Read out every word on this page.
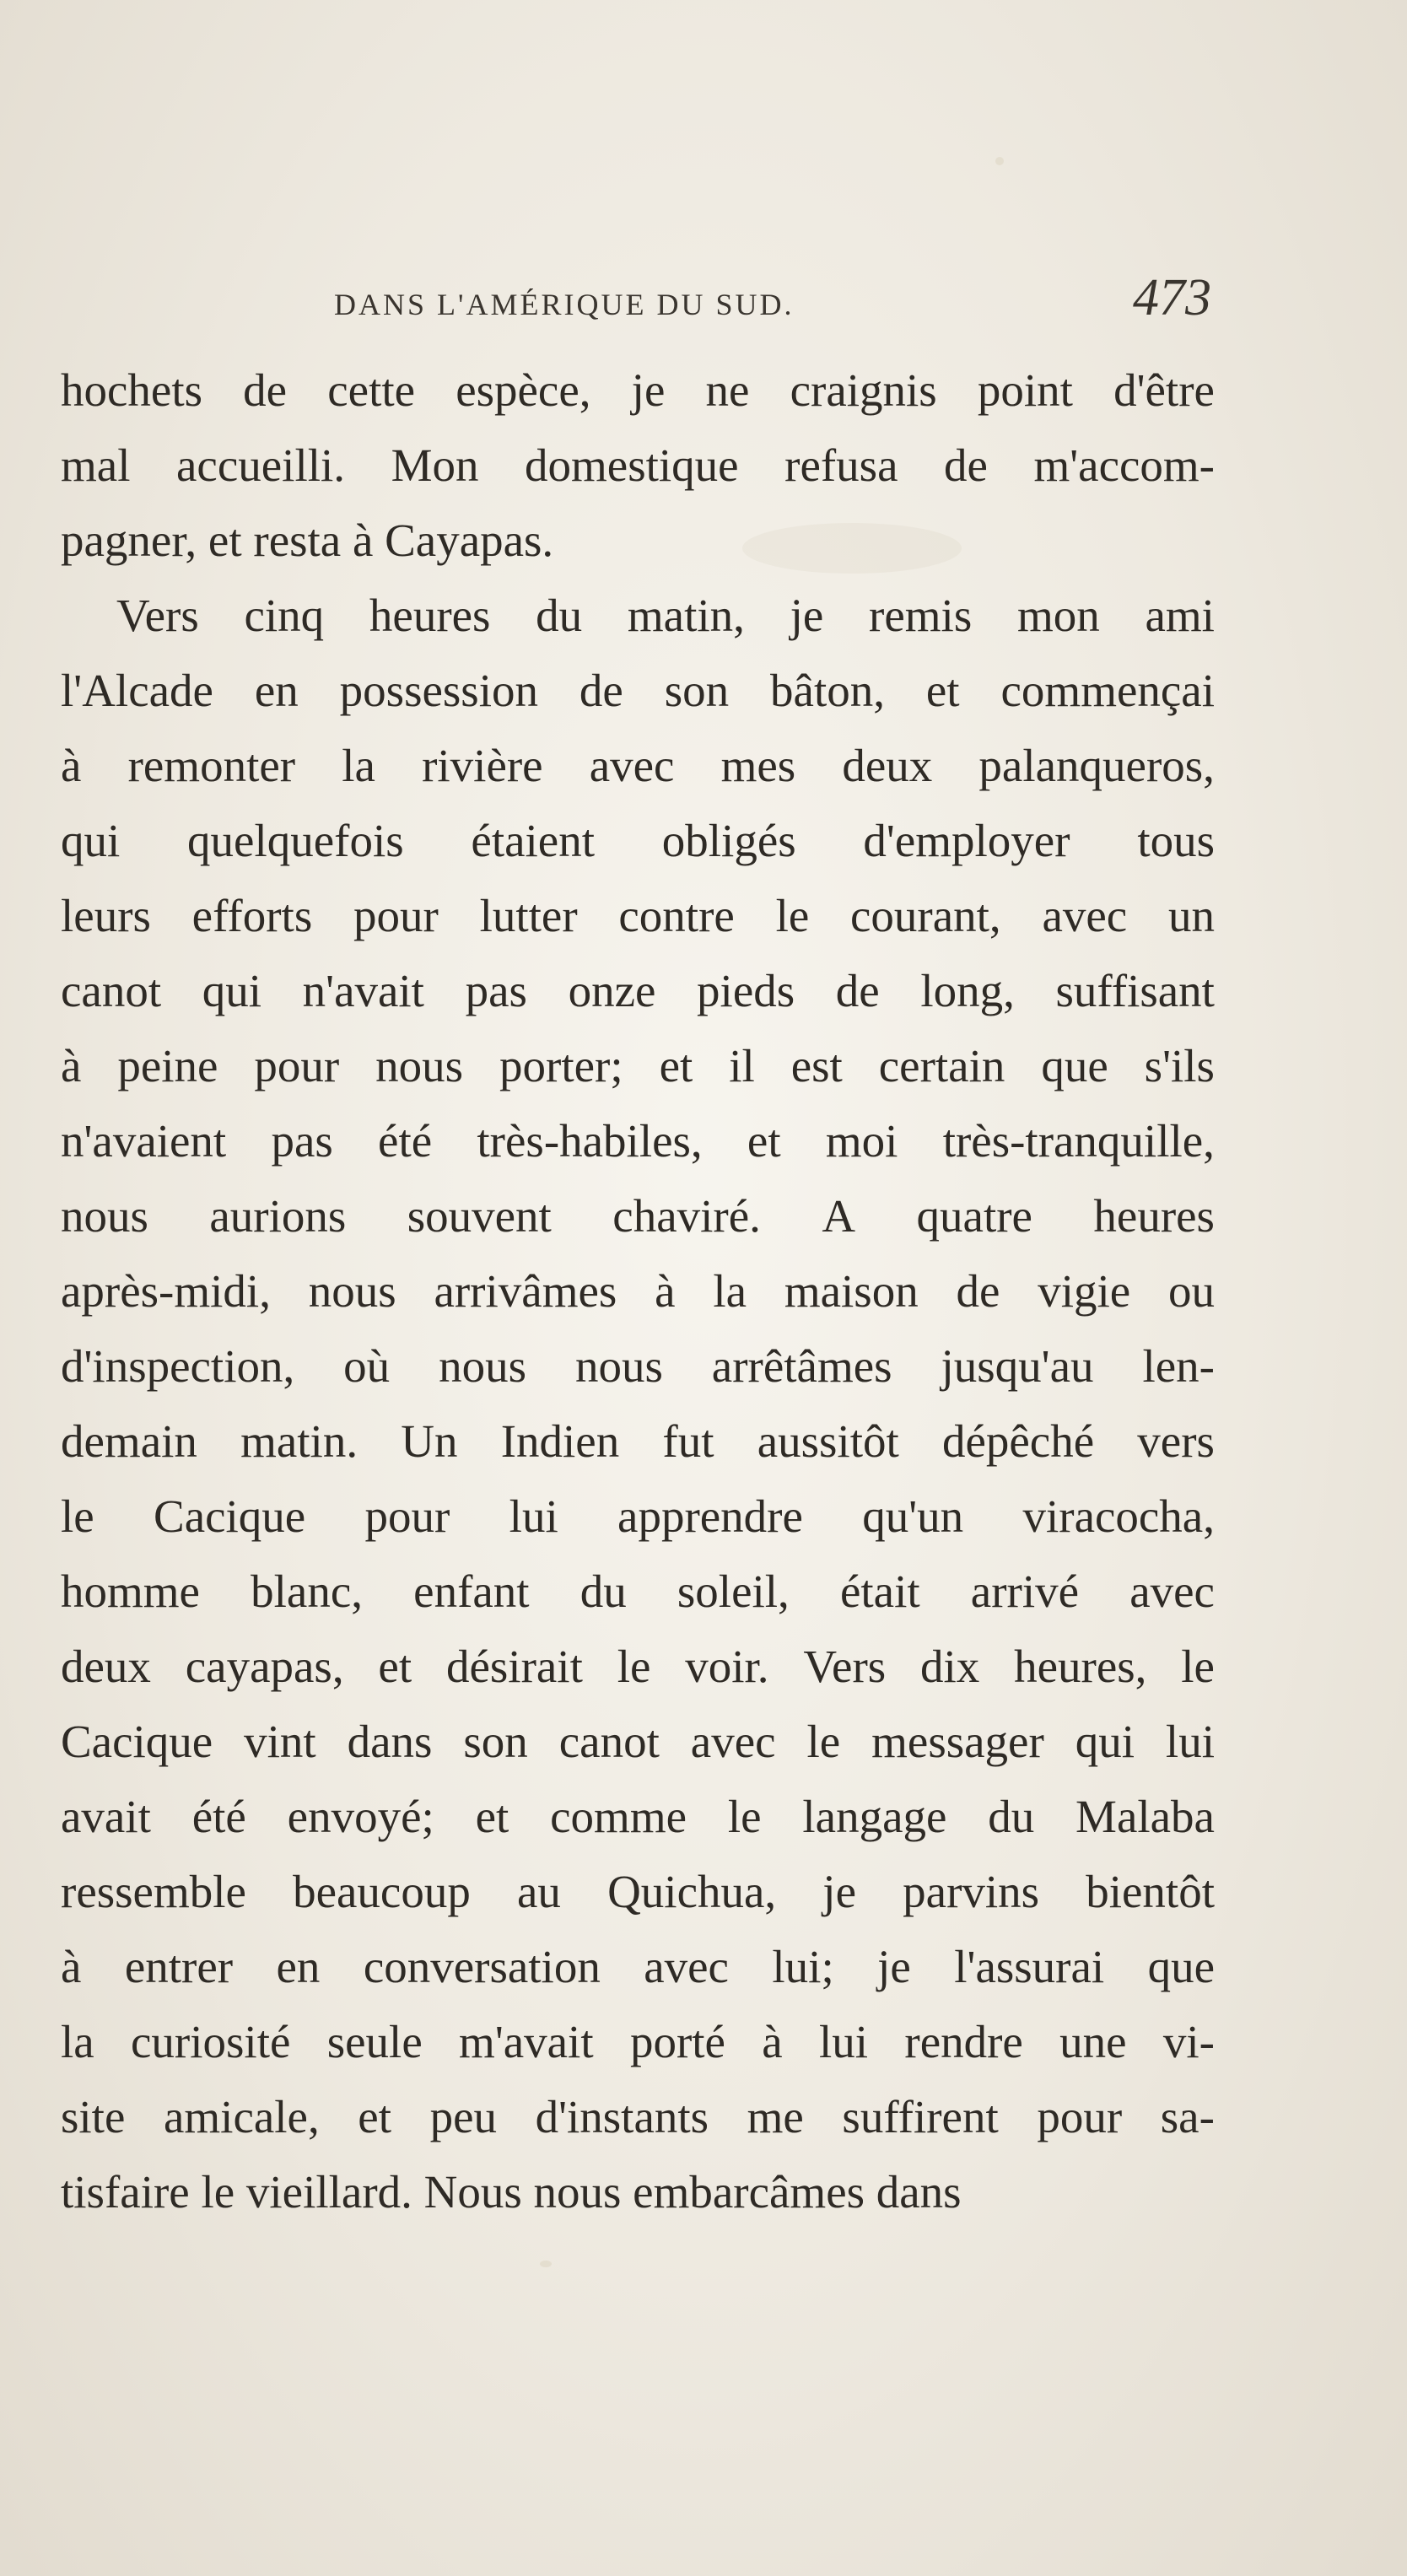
DANS L'AMÉRIQUE DU SUD.	473
hochets de cette espèce, je ne craignis point d'être
mal accueilli. Mon domestique refusa de m'accom-
pagner, et resta à Cayapas.
Vers cinq heures du matin, je remis mon ami
l'Alcade en possession de son bâton, et commençai
à remonter la rivière avec mes deux palanqueros,
qui quelquefois étaient obligés d'employer tous
leurs efforts pour lutter contre le courant, avec un
canot qui n'avait pas onze pieds de long, suffisant
à peine pour nous porter; et il est certain que s'ils
n'avaient pas été très-habiles, et moi très-tranquille,
nous aurions souvent chaviré. A quatre heures
après-midi, nous arrivâmes à la maison de vigie ou
d'inspection, où nous nous arrêtâmes jusqu'au len-
demain matin. Un Indien fut aussitôt dépêché vers
le Cacique pour lui apprendre qu'un viracocha,
homme blanc, enfant du soleil, était arrivé avec
deux cayapas, et désirait le voir. Vers dix heures, le
Cacique vint dans son canot avec le messager qui lui
avait été envoyé; et comme le langage du Malaba
ressemble beaucoup au Quichua, je parvins bientôt
à entrer en conversation avec lui; je l'assurai que
la curiosité seule m'avait porté à lui rendre une vi-
site amicale, et peu d'instants me suffirent pour sa-
tisfaire le vieillard. Nous nous embarcâmes dans
